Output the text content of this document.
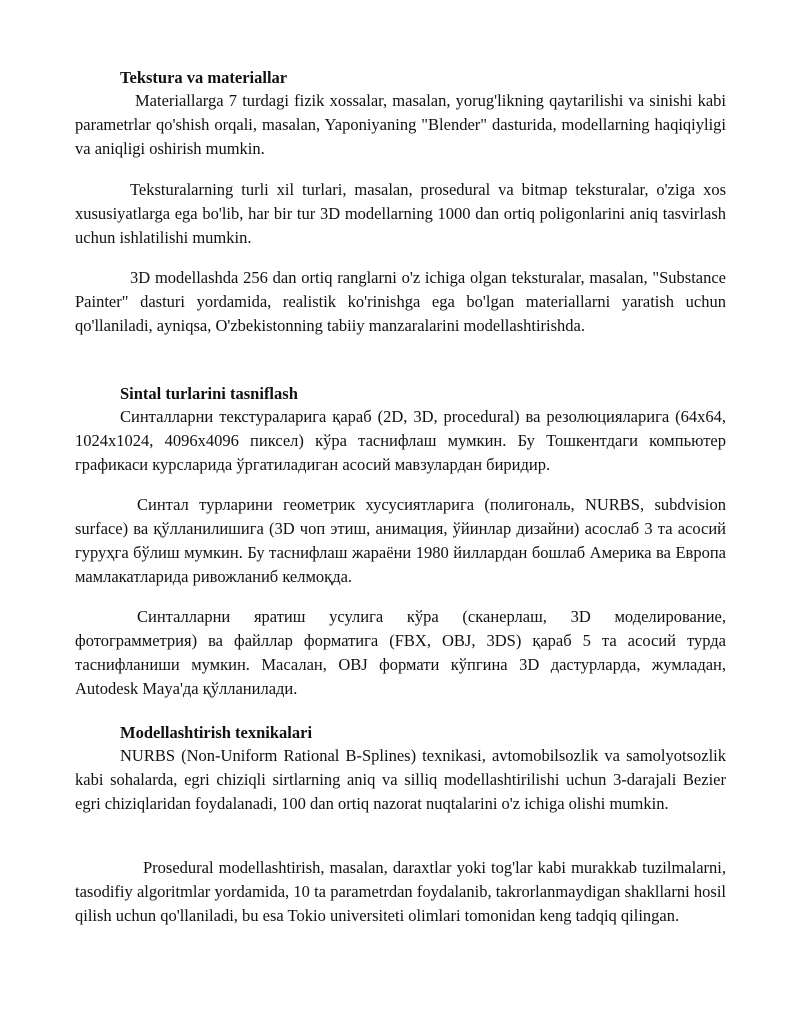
Tekstura va materiallar

Materiallarga 7 turdagi fizik xossalar, masalan, yorug'likning qaytarilishi va sinishi kabi parametrlar qo'shish orqali, masalan, Yaponiyaning "Blender" dasturida, modellarning haqiqiyligi va aniqligi oshirish mumkin.

Teksturalarning turli xil turlari, masalan, prosedural va bitmap teksturalar, o'ziga xos xususiyatlarga ega bo'lib, har bir tur 3D modellarning 1000 dan ortiq poligonlarini aniq tasvirlash uchun ishlatilishi mumkin.

3D modellashda 256 dan ortiq ranglarni o'z ichiga olgan teksturalar, masalan, "Substance Painter" dasturi yordamida, realistik ko'rinishga ega bo'lgan materiallarni yaratish uchun qo'llaniladi, ayniqsa, O'zbekistonning tabiiy manzaralarini modellashtirishda.

Sintal turlarini tasniflash

Синталларни текстураларига қараб (2D, 3D, procedural) ва резолюцияларига (64x64, 1024x1024, 4096x4096 пиксел) кўра таснифлаш мумкин. Бу Тошкентдаги компьютер графикаси курсларида ўргатиладиган асосий мавзулардан биридир.

Синтал турларини геометрик хусусиятларига (полигональ, NURBS, subdvision surface) ва қўлланилишига (3D чоп этиш, анимация, ўйинлар дизайни) асослаб 3 та асосий гуруҳга бўлиш мумкин. Бу таснифлаш жараёни 1980 йиллардан бошлаб Америка ва Европа мамлакатларида ривожланиб келмоқда.

Синталларни яратиш усулига кўра (сканерлаш, 3D моделирование, фотограмметрия) ва файллар форматига (FBX, OBJ, 3DS) қараб 5 та асосий турда таснифланиши мумкин. Масалан, OBJ формати кўпгина 3D дастурларда, жумладан, Autodesk Maya'да қўлланилади.

Modellashtirish texnikalari

NURBS (Non-Uniform Rational B-Splines) texnikasi, avtomobilsozlik va samolyotsozlik kabi sohalarda, egri chiziqli sirtlarning aniq va silliq modellashtirilishi uchun 3-darajali Bezier egri chiziqlaridan foydalanadi, 100 dan ortiq nazorat nuqtalarini o'z ichiga olishi mumkin.

Prosedural modellashtirish, masalan, daraxtlar yoki tog'lar kabi murakkab tuzilmalarni, tasodifiy algoritmlar yordamida, 10 ta parametrdan foydalanib, takrorlanmaydigan shakllarni hosil qilish uchun qo'llaniladi, bu esa Tokio universiteti olimlari tomonidan keng tadqiq qilingan.
